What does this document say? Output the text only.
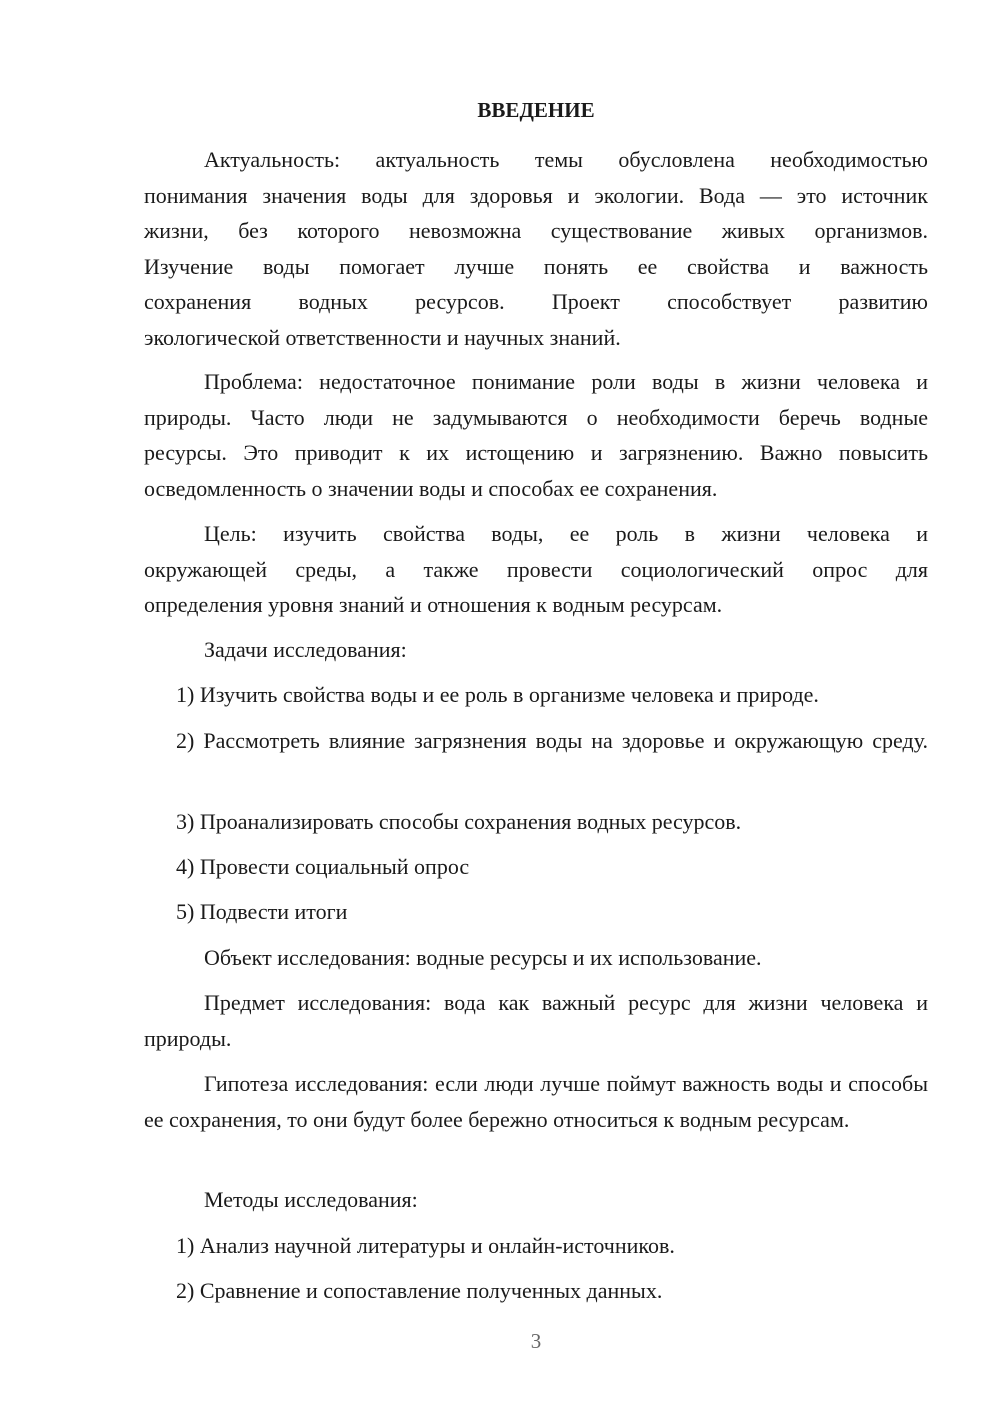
ВВЕДЕНИЕ
Актуальность: актуальность темы обусловлена необходимостью
понимания значения воды для здоровья и экологии. Вода — это источник
жизни, без которого невозможна существование живых организмов.
Изучение воды помогает лучше понять ее свойства и важность
сохранения водных ресурсов. Проект способствует развитию
экологической ответственности и научных знаний.
Проблема: недостаточное понимание роли воды в жизни человека и
природы. Часто люди не задумываются о необходимости беречь водные
ресурсы. Это приводит к их истощению и загрязнению. Важно повысить
осведомленность о значении воды и способах ее сохранения.
Цель: изучить свойства воды, ее роль в жизни человека и
окружающей среды, а также провести социологический опрос для
определения уровня знаний и отношения к водным ресурсам.
Задачи исследования:
1) Изучить свойства воды и ее роль в организме человека и природе.
2) Рассмотреть влияние загрязнения воды на здоровье и окружающую среду.
3) Проанализировать способы сохранения водных ресурсов.
4) Провести социальный опрос
5) Подвести итоги
Объект исследования: водные ресурсы и их использование.
Предмет исследования: вода как важный ресурс для жизни человека и природы.
Гипотеза исследования: если люди лучше поймут важность воды и способы ее сохранения, то они будут более бережно относиться к водным ресурсам.
Методы исследования:
1) Анализ научной литературы и онлайн-источников.
2) Сравнение и сопоставление полученных данных.
3
